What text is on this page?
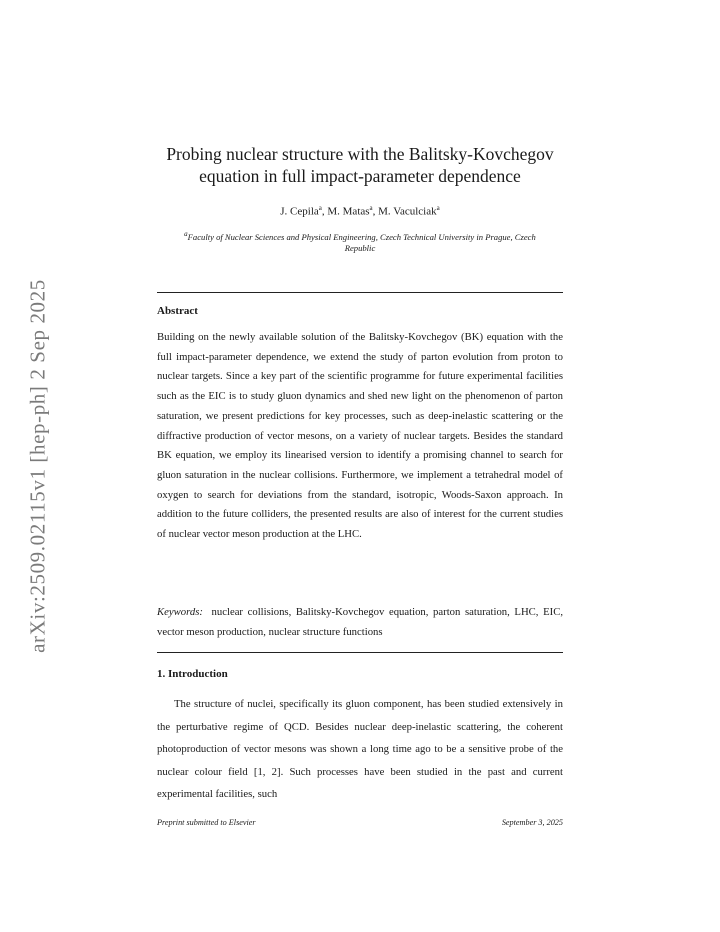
arXiv:2509.02115v1 [hep-ph] 2 Sep 2025
Probing nuclear structure with the Balitsky-Kovchegov equation in full impact-parameter dependence
J. Cepila$^a$, M. Matas$^a$, M. Vaculciak$^a$
$^a$Faculty of Nuclear Sciences and Physical Engineering, Czech Technical University in Prague, Czech Republic
Abstract
Building on the newly available solution of the Balitsky-Kovchegov (BK) equation with the full impact-parameter dependence, we extend the study of parton evolution from proton to nuclear targets. Since a key part of the scientific programme for future experimental facilities such as the EIC is to study gluon dynamics and shed new light on the phenomenon of parton saturation, we present predictions for key processes, such as deep-inelastic scattering or the diffractive production of vector mesons, on a variety of nuclear targets. Besides the standard BK equation, we employ its linearised version to identify a promising channel to search for gluon saturation in the nuclear collisions. Furthermore, we implement a tetrahedral model of oxygen to search for deviations from the standard, isotropic, Woods-Saxon approach. In addition to the future colliders, the presented results are also of interest for the current studies of nuclear vector meson production at the LHC.
Keywords: nuclear collisions, Balitsky-Kovchegov equation, parton saturation, LHC, EIC, vector meson production, nuclear structure functions
1. Introduction
The structure of nuclei, specifically its gluon component, has been studied extensively in the perturbative regime of QCD. Besides nuclear deep-inelastic scattering, the coherent photoproduction of vector mesons was shown a long time ago to be a sensitive probe of the nuclear colour field [1, 2]. Such processes have been studied in the past and current experimental facilities, such
Preprint submitted to Elsevier	September 3, 2025
